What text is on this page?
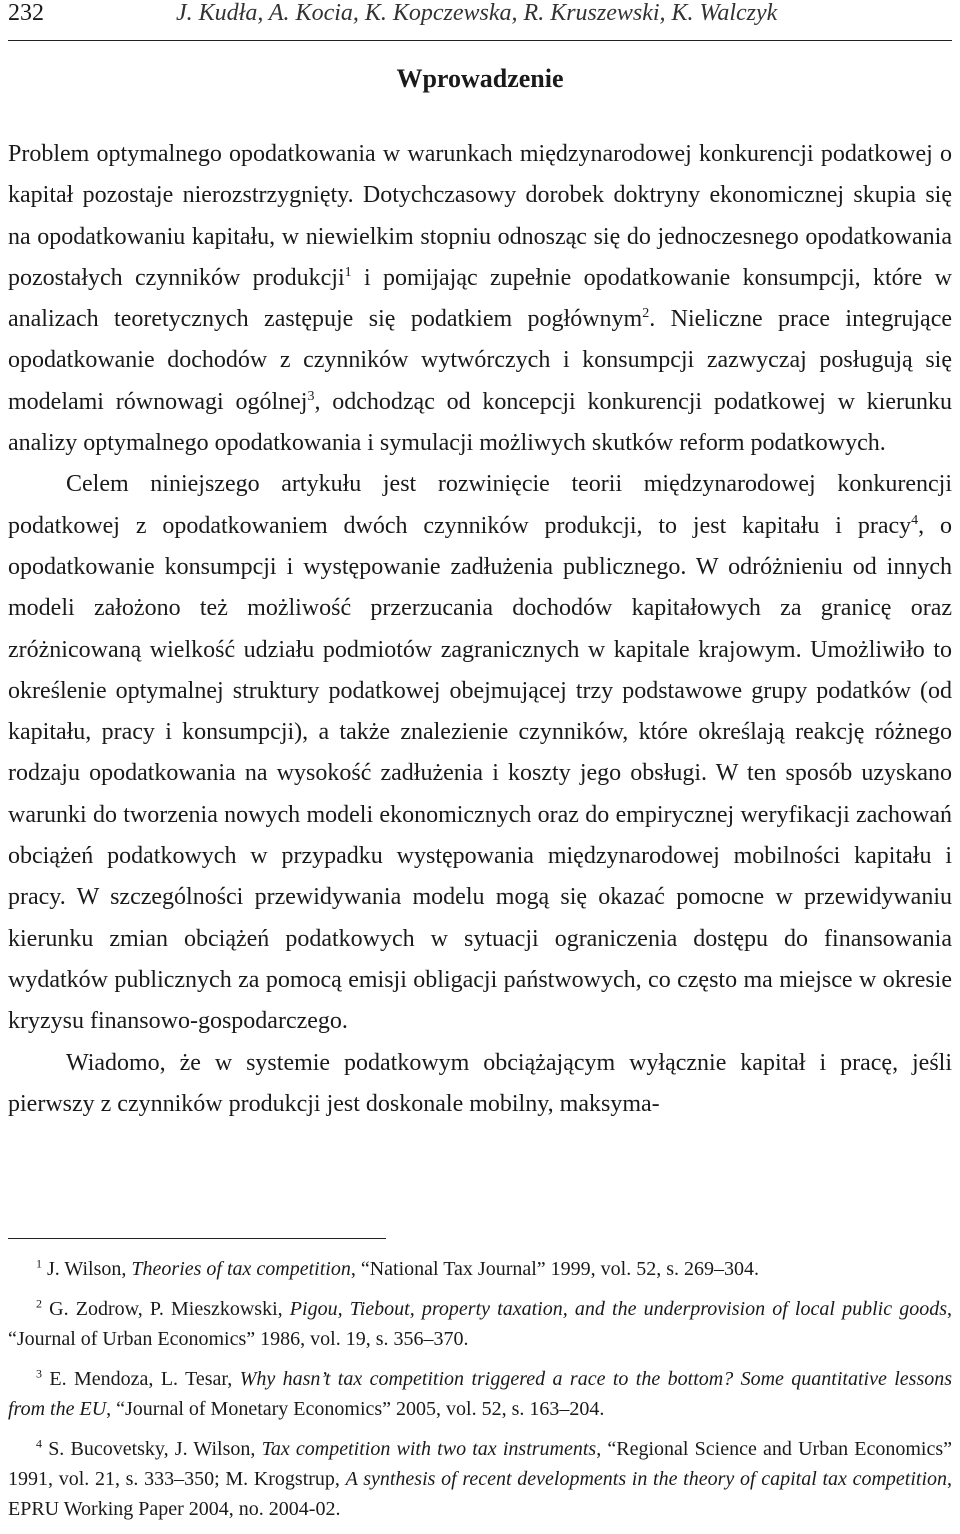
232	J. Kudła, A. Kocia, K. Kopczewska, R. Kruszewski, K. Walczyk
Wprowadzenie

Problem optymalnego opodatkowania w warunkach międzynarodowej konkurencji podatkowej o kapitał pozostaje nierozstrzygnięty. Dotychczasowy dorobek doktryny ekonomicznej skupia się na opodatkowaniu kapitału, w niewielkim stopniu odnosząc się do jednoczesnego opodatkowania pozostałych czynników produkcji$^1$ i pomijając zupełnie opodatkowanie konsumpcji, które w analizach teoretycznych zastępuje się podatkiem pogłównym$^2$. Nieliczne prace integrujące opodatkowanie dochodów z czynników wytwórczych i konsumpcji zazwyczaj posługują się modelami równowagi ogólnej$^3$, odchodząc od koncepcji konkurencji podatkowej w kierunku analizy optymalnego opodatkowania i symulacji możliwych skutków reform podatkowych.

Celem niniejszego artykułu jest rozwinięcie teorii międzynarodowej konkurencji podatkowej z opodatkowaniem dwóch czynników produkcji, to jest kapitału i pracy$^4$, o opodatkowanie konsumpcji i występowanie zadłużenia publicznego. W odróżnieniu od innych modeli założono też możliwość przerzucania dochodów kapitałowych za granicę oraz zróżnicowaną wielkość udziału podmiotów zagranicznych w kapitale krajowym. Umożliwiło to określenie optymalnej struktury podatkowej obejmującej trzy podstawowe grupy podatków (od kapitału, pracy i konsumpcji), a także znalezienie czynników, które określają reakcję różnego rodzaju opodatkowania na wysokość zadłużenia i koszty jego obsługi. W ten sposób uzyskano warunki do tworzenia nowych modeli ekonomicznych oraz do empirycznej weryfikacji zachowań obciążeń podatkowych w przypadku występowania międzynarodowej mobilności kapitału i pracy. W szczególności przewidywania modelu mogą się okazać pomocne w przewidywaniu kierunku zmian obciążeń podatkowych w sytuacji ograniczenia dostępu do finansowania wydatków publicznych za pomocą emisji obligacji państwowych, co często ma miejsce w okresie kryzysu finansowo-gospodarczego.

Wiadomo, że w systemie podatkowym obciążającym wyłącznie kapitał i pracę, jeśli pierwszy z czynników produkcji jest doskonale mobilny, maksyma-

$^1$ J. Wilson, Theories of tax competition, “National Tax Journal” 1999, vol. 52, s. 269–304.

$^2$ G. Zodrow, P. Mieszkowski, Pigou, Tiebout, property taxation, and the underprovision of local public goods, “Journal of Urban Economics” 1986, vol. 19, s. 356–370.

$^3$ E. Mendoza, L. Tesar, Why hasn’t tax competition triggered a race to the bottom? Some quantitative lessons from the EU, “Journal of Monetary Economics” 2005, vol. 52, s. 163–204.

$^4$ S. Bucovetsky, J. Wilson, Tax competition with two tax instruments, “Regional Science and Urban Economics” 1991, vol. 21, s. 333–350; M. Krogstrup, A synthesis of recent developments in the theory of capital tax competition, EPRU Working Paper 2004, no. 2004-02.
